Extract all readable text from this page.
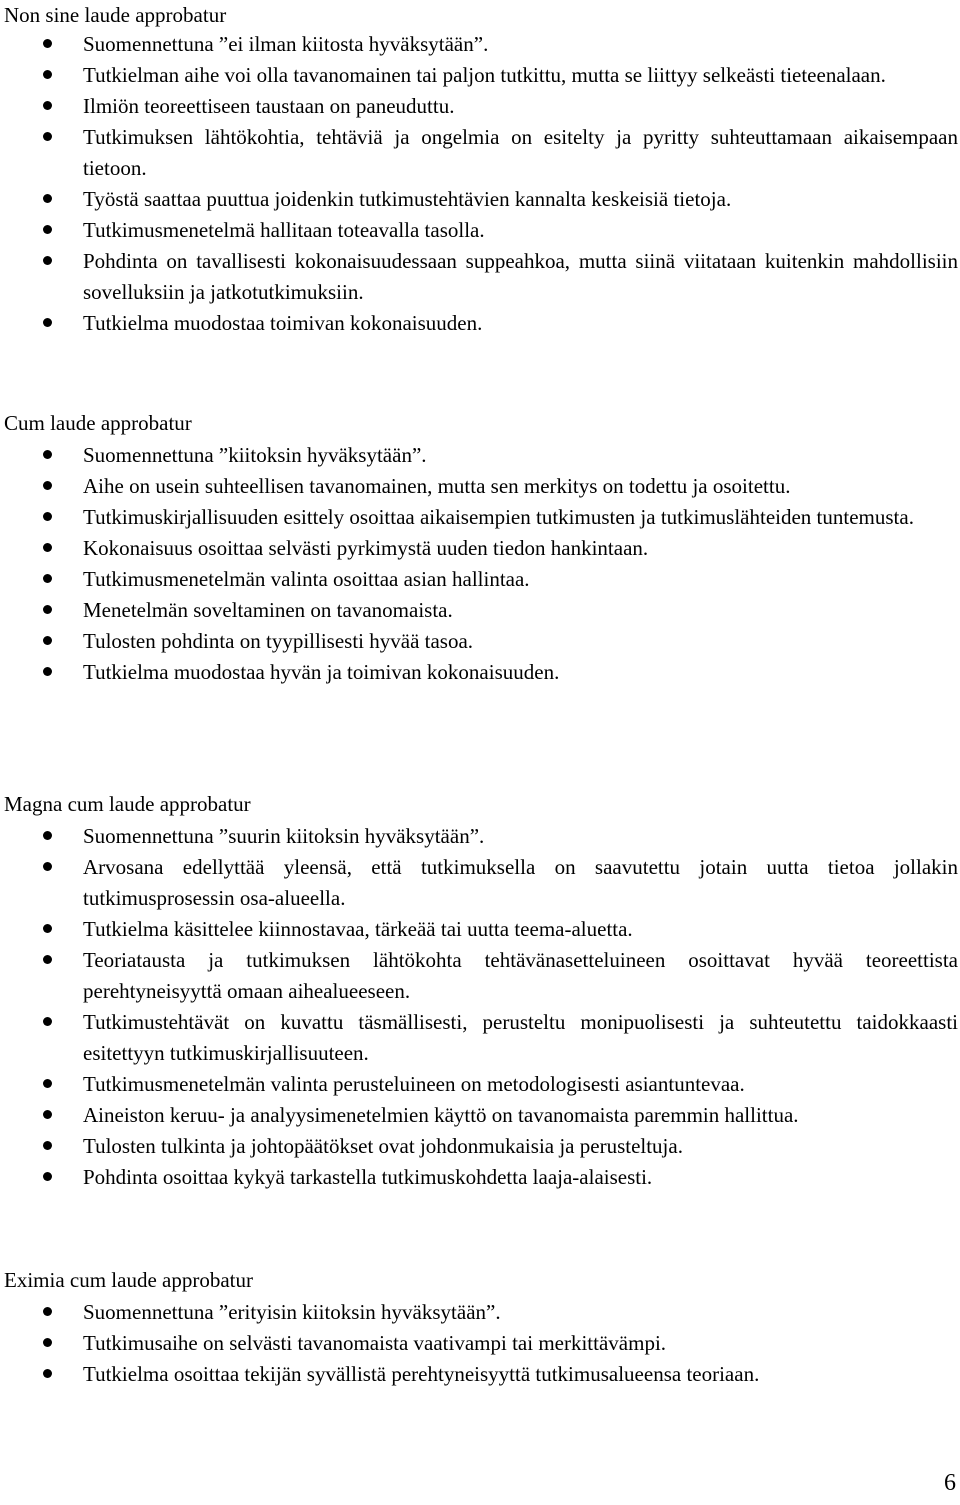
Non sine laude approbatur
Suomennettuna ”ei ilman kiitosta hyväksytään”.
Tutkielman aihe voi olla tavanomainen tai paljon tutkittu, mutta se liittyy selkeästi tieteenalaan.
Ilmiön teoreettiseen taustaan on paneuduttu.
Tutkimuksen lähtökohtia, tehtäviä ja ongelmia on esitelty ja pyritty suhteuttamaan aikaisempaan tietoon.
Työstä saattaa puuttua joidenkin tutkimustehtävien kannalta keskeisiä tietoja.
Tutkimusmenetelmä hallitaan toteavalla tasolla.
Pohdinta on tavallisesti kokonaisuudessaan suppeahkoa, mutta siinä viitataan kuitenkin mahdollisiin sovelluksiin ja jatkotutkimuksiin.
Tutkielma muodostaa toimivan kokonaisuuden.
Cum laude approbatur
Suomennettuna ”kiitoksin hyväksytään”.
Aihe on usein suhteellisen tavanomainen, mutta sen merkitys on todettu ja osoitettu.
Tutkimuskirjallisuuden esittely osoittaa aikaisempien tutkimusten ja tutkimuslähteiden tuntemusta.
Kokonaisuus osoittaa selvästi pyrkimystä uuden tiedon hankintaan.
Tutkimusmenetelmän valinta osoittaa asian hallintaa.
Menetelmän soveltaminen on tavanomaista.
Tulosten pohdinta on tyypillisesti hyvää tasoa.
Tutkielma muodostaa hyvän ja toimivan kokonaisuuden.
Magna cum laude approbatur
Suomennettuna ”suurin kiitoksin hyväksytään”.
Arvosana edellyttää yleensä, että tutkimuksella on saavutettu jotain uutta tietoa jollakin tutkimusprosessin osa-alueella.
Tutkielma käsittelee kiinnostavaa, tärkeää tai uutta teema-aluetta.
Teoriatausta ja tutkimuksen lähtökohta tehtävänasetteluineen osoittavat hyvää teoreettista perehtyneisyyttä omaan aihealueeseen.
Tutkimustehtävät on kuvattu täsmällisesti, perusteltu monipuolisesti ja suhteutettu taidokkaasti esitettyyn tutkimuskirjallisuuteen.
Tutkimusmenetelmän valinta perusteluineen on metodologisesti asiantuntevaa.
Aineiston keruu- ja analyysimenetelmien käyttö on tavanomaista paremmin hallittua.
Tulosten tulkinta ja johtopäätökset ovat johdonmukaisia ja perusteltuja.
Pohdinta osoittaa kykyä tarkastella tutkimuskohdetta laaja-alaisesti.
Eximia cum laude approbatur
Suomennettuna ”erityisin kiitoksin hyväksytään”.
Tutkimusaihe on selvästi tavanomaista vaativampi tai merkittävämpi.
Tutkielma osoittaa tekijän syvällistä perehtyneisyyttä tutkimusalueensa teoriaan.
6
